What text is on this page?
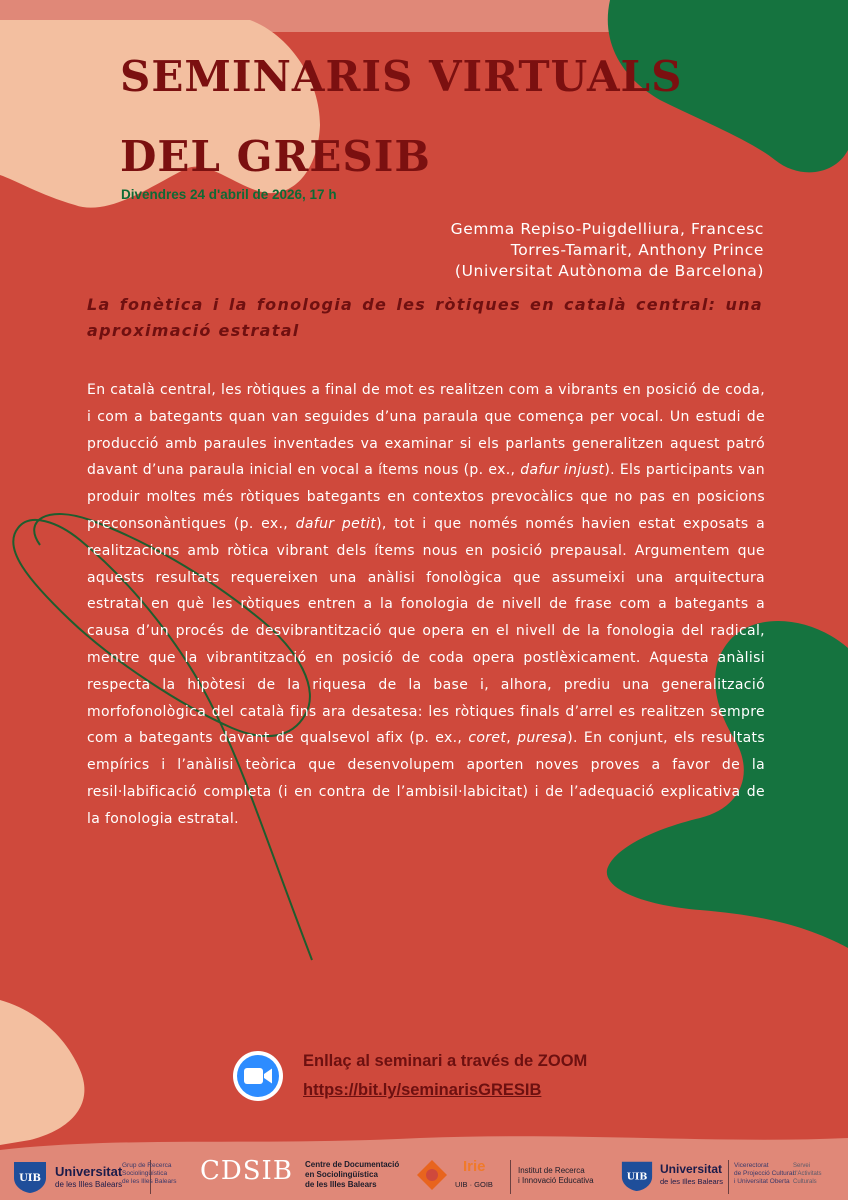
SEMINARIS VIRTUALS
DEL GRESIB
Divendres 24 d'abril de 2026, 17 h
Gemma Repiso-Puigdelliura, Francesc
Torres-Tamarit, Anthony Prince
(Universitat Autònoma de Barcelona)
La fonètica i la fonologia de les ròtiques en català central: una aproximació estratal

En català central, les ròtiques a final de mot es realitzen com a vibrants en posició de coda, i com a bategants quan van seguides d’una paraula que comença per vocal. Un estudi de producció amb paraules inventades va examinar si els parlants generalitzen aquest patró davant d’una paraula inicial en vocal a ítems nous (p. ex., dafur injust). Els participants van produir moltes més ròtiques bategants en contextos prevocàlics que no pas en posicions preconsonàntiques (p. ex., dafur petit), tot i que només només havien estat exposats a realitzacions amb ròtica vibrant dels ítems nous en posició prepausal. Argumentem que aquests resultats requereixen una anàlisi fonològica que assumeixi una arquitectura estratal en què les ròtiques entren a la fonologia de nivell de frase com a bategants a causa d’un procés de desvibrantització que opera en el nivell de la fonologia del radical, mentre que la vibrantització en posició de coda opera postlèxicament. Aquesta anàlisi respecta la hipòtesi de la riquesa de la base i, alhora, prediu una generalització morfofonològica del català fins ara desatesa: les ròtiques finals d’arrel es realitzen sempre com a bategants davant de qualsevol afix (p. ex., coret, puresa). En conjunt, els resultats empírics i l’anàlisi teòrica que desenvolupem aporten noves proves a favor de la resil·labificació completa (i en contra de l’ambisil·labicitat) i de l’adequació explicativa de la fonologia estratal.

Enllaç al seminari a través de ZOOM
https://bit.ly/seminarisGRESIB
UIB Universitat
de les Illes Balears
Grup de Recerca
Sociolingüística
de les Illes Balears CDSIB Centre de Documentació
en Sociolingüística
de les Illes Balears
Irie
UIB · GOIB
Institut de Recerca
i Innovació Educativa	UIB
Universitat
de les Illes Balears
Vicerectorat
de Projecció Cultural
i Universitat Oberta
Servei
d'Activitats
Culturals
